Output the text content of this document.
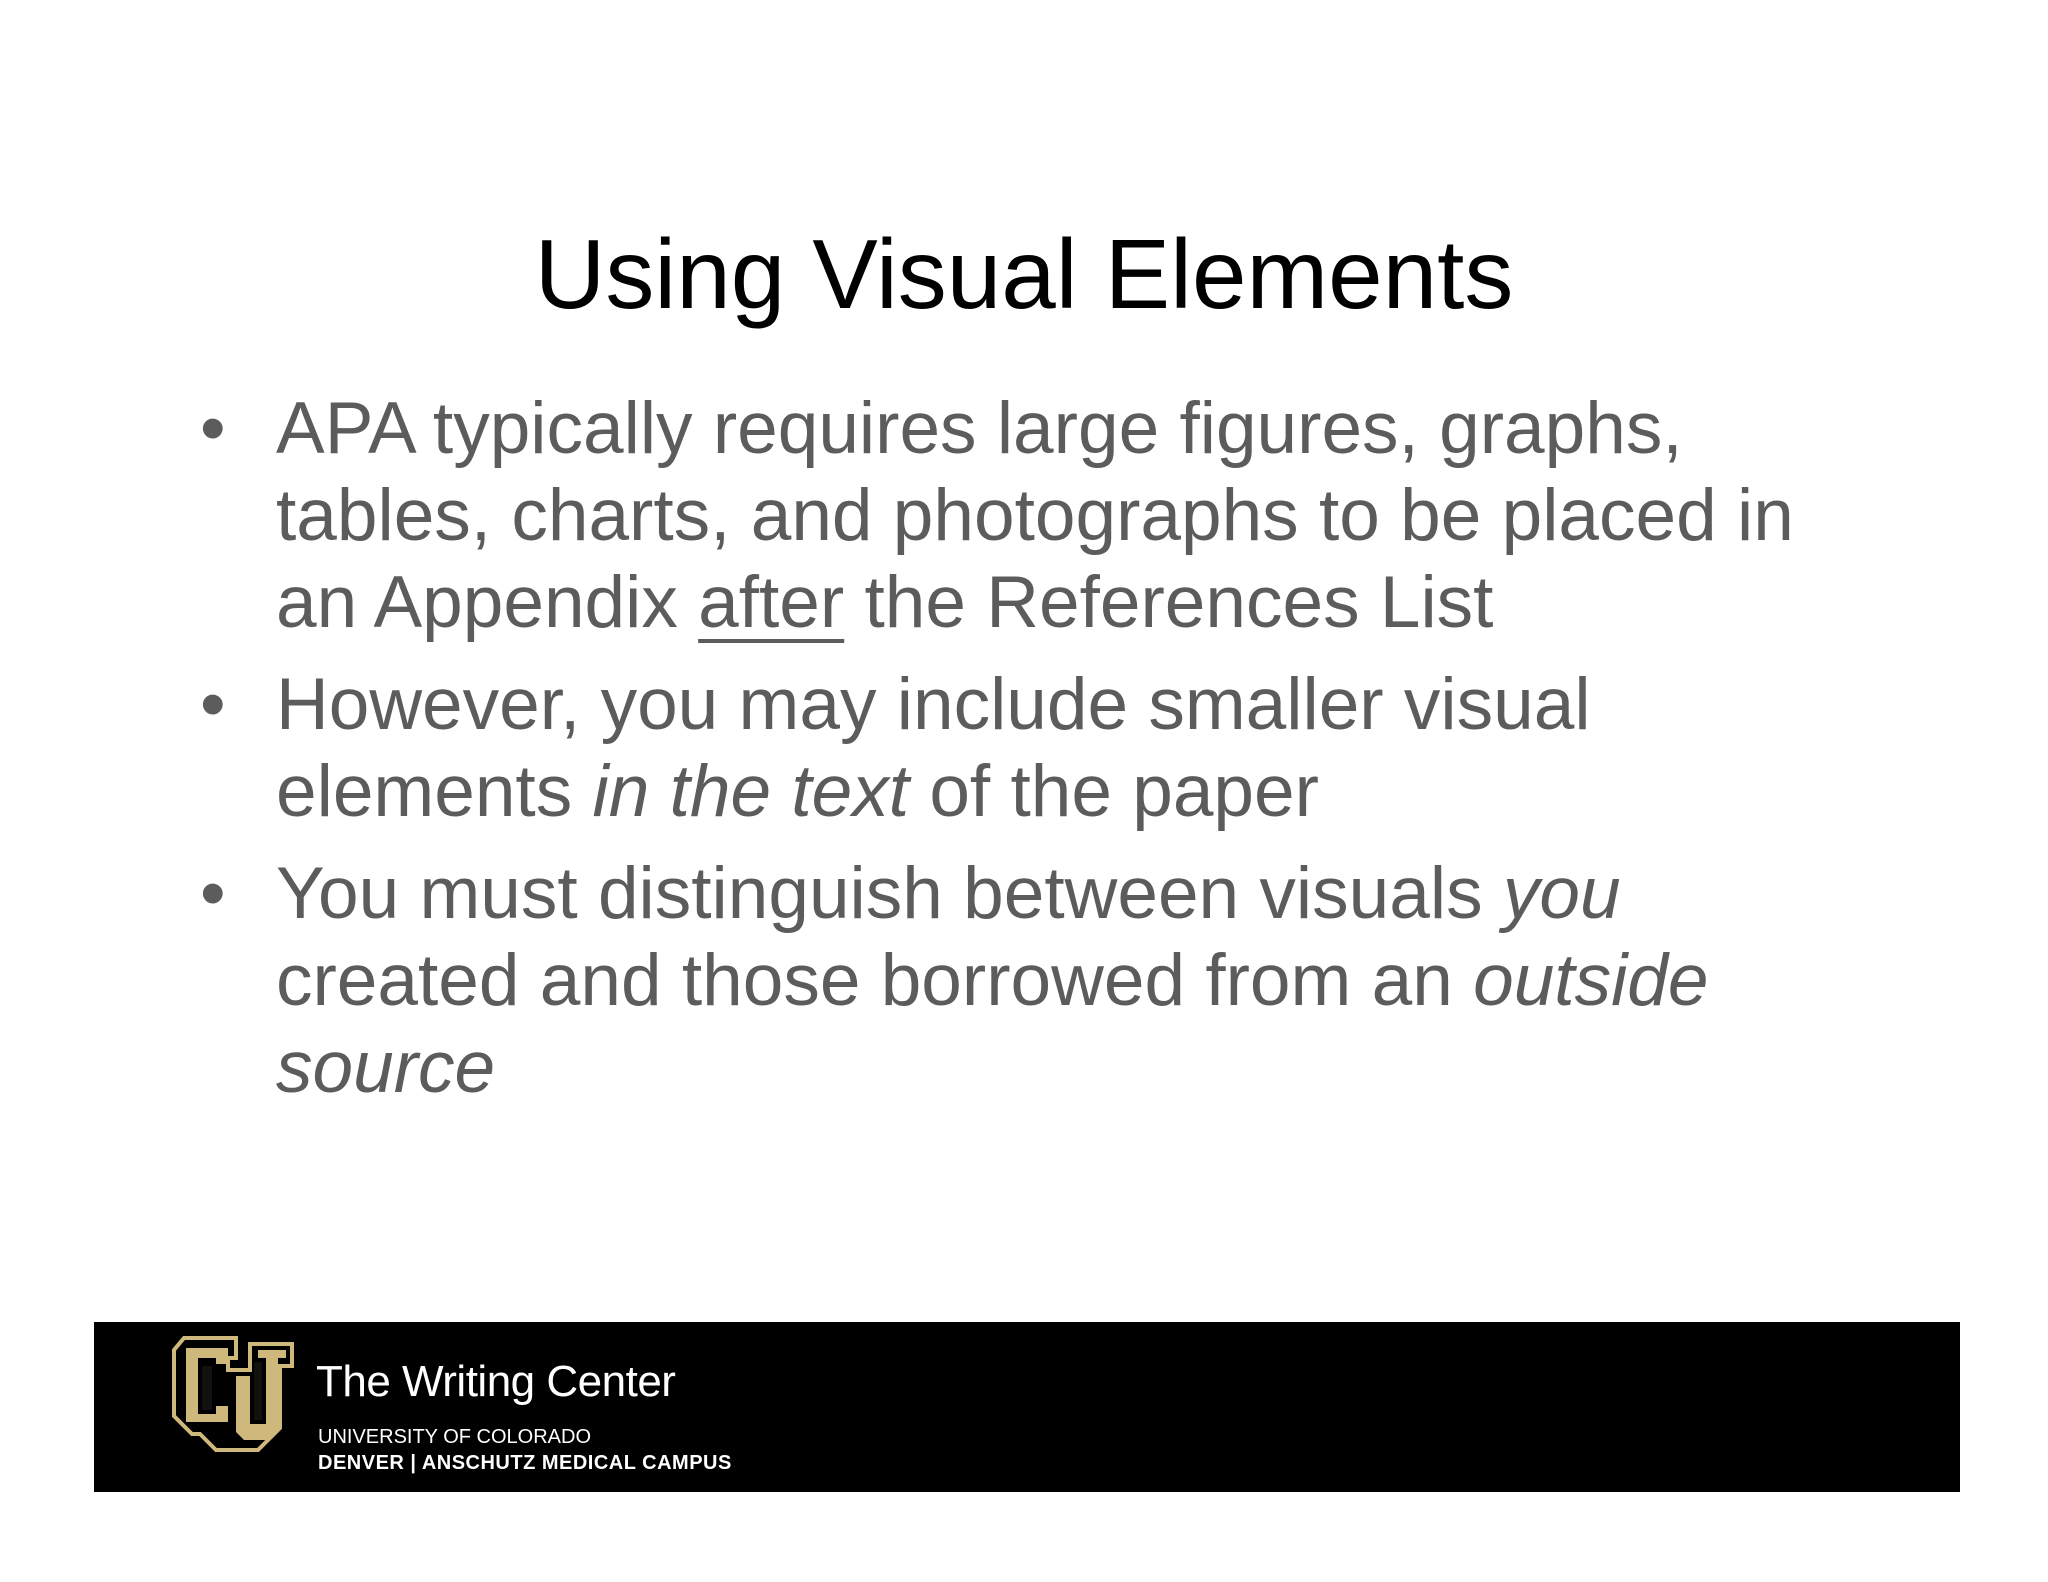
Using Visual Elements
• APA typically requires large figures, graphs, tables, charts, and photographs to be placed in an Appendix after the References List
• However, you may include smaller visual elements in the text of the paper
• You must distinguish between visuals you created and those borrowed from an outside source
The Writing Center
UNIVERSITY OF COLORADO
DENVER | ANSCHUTZ MEDICAL CAMPUS
